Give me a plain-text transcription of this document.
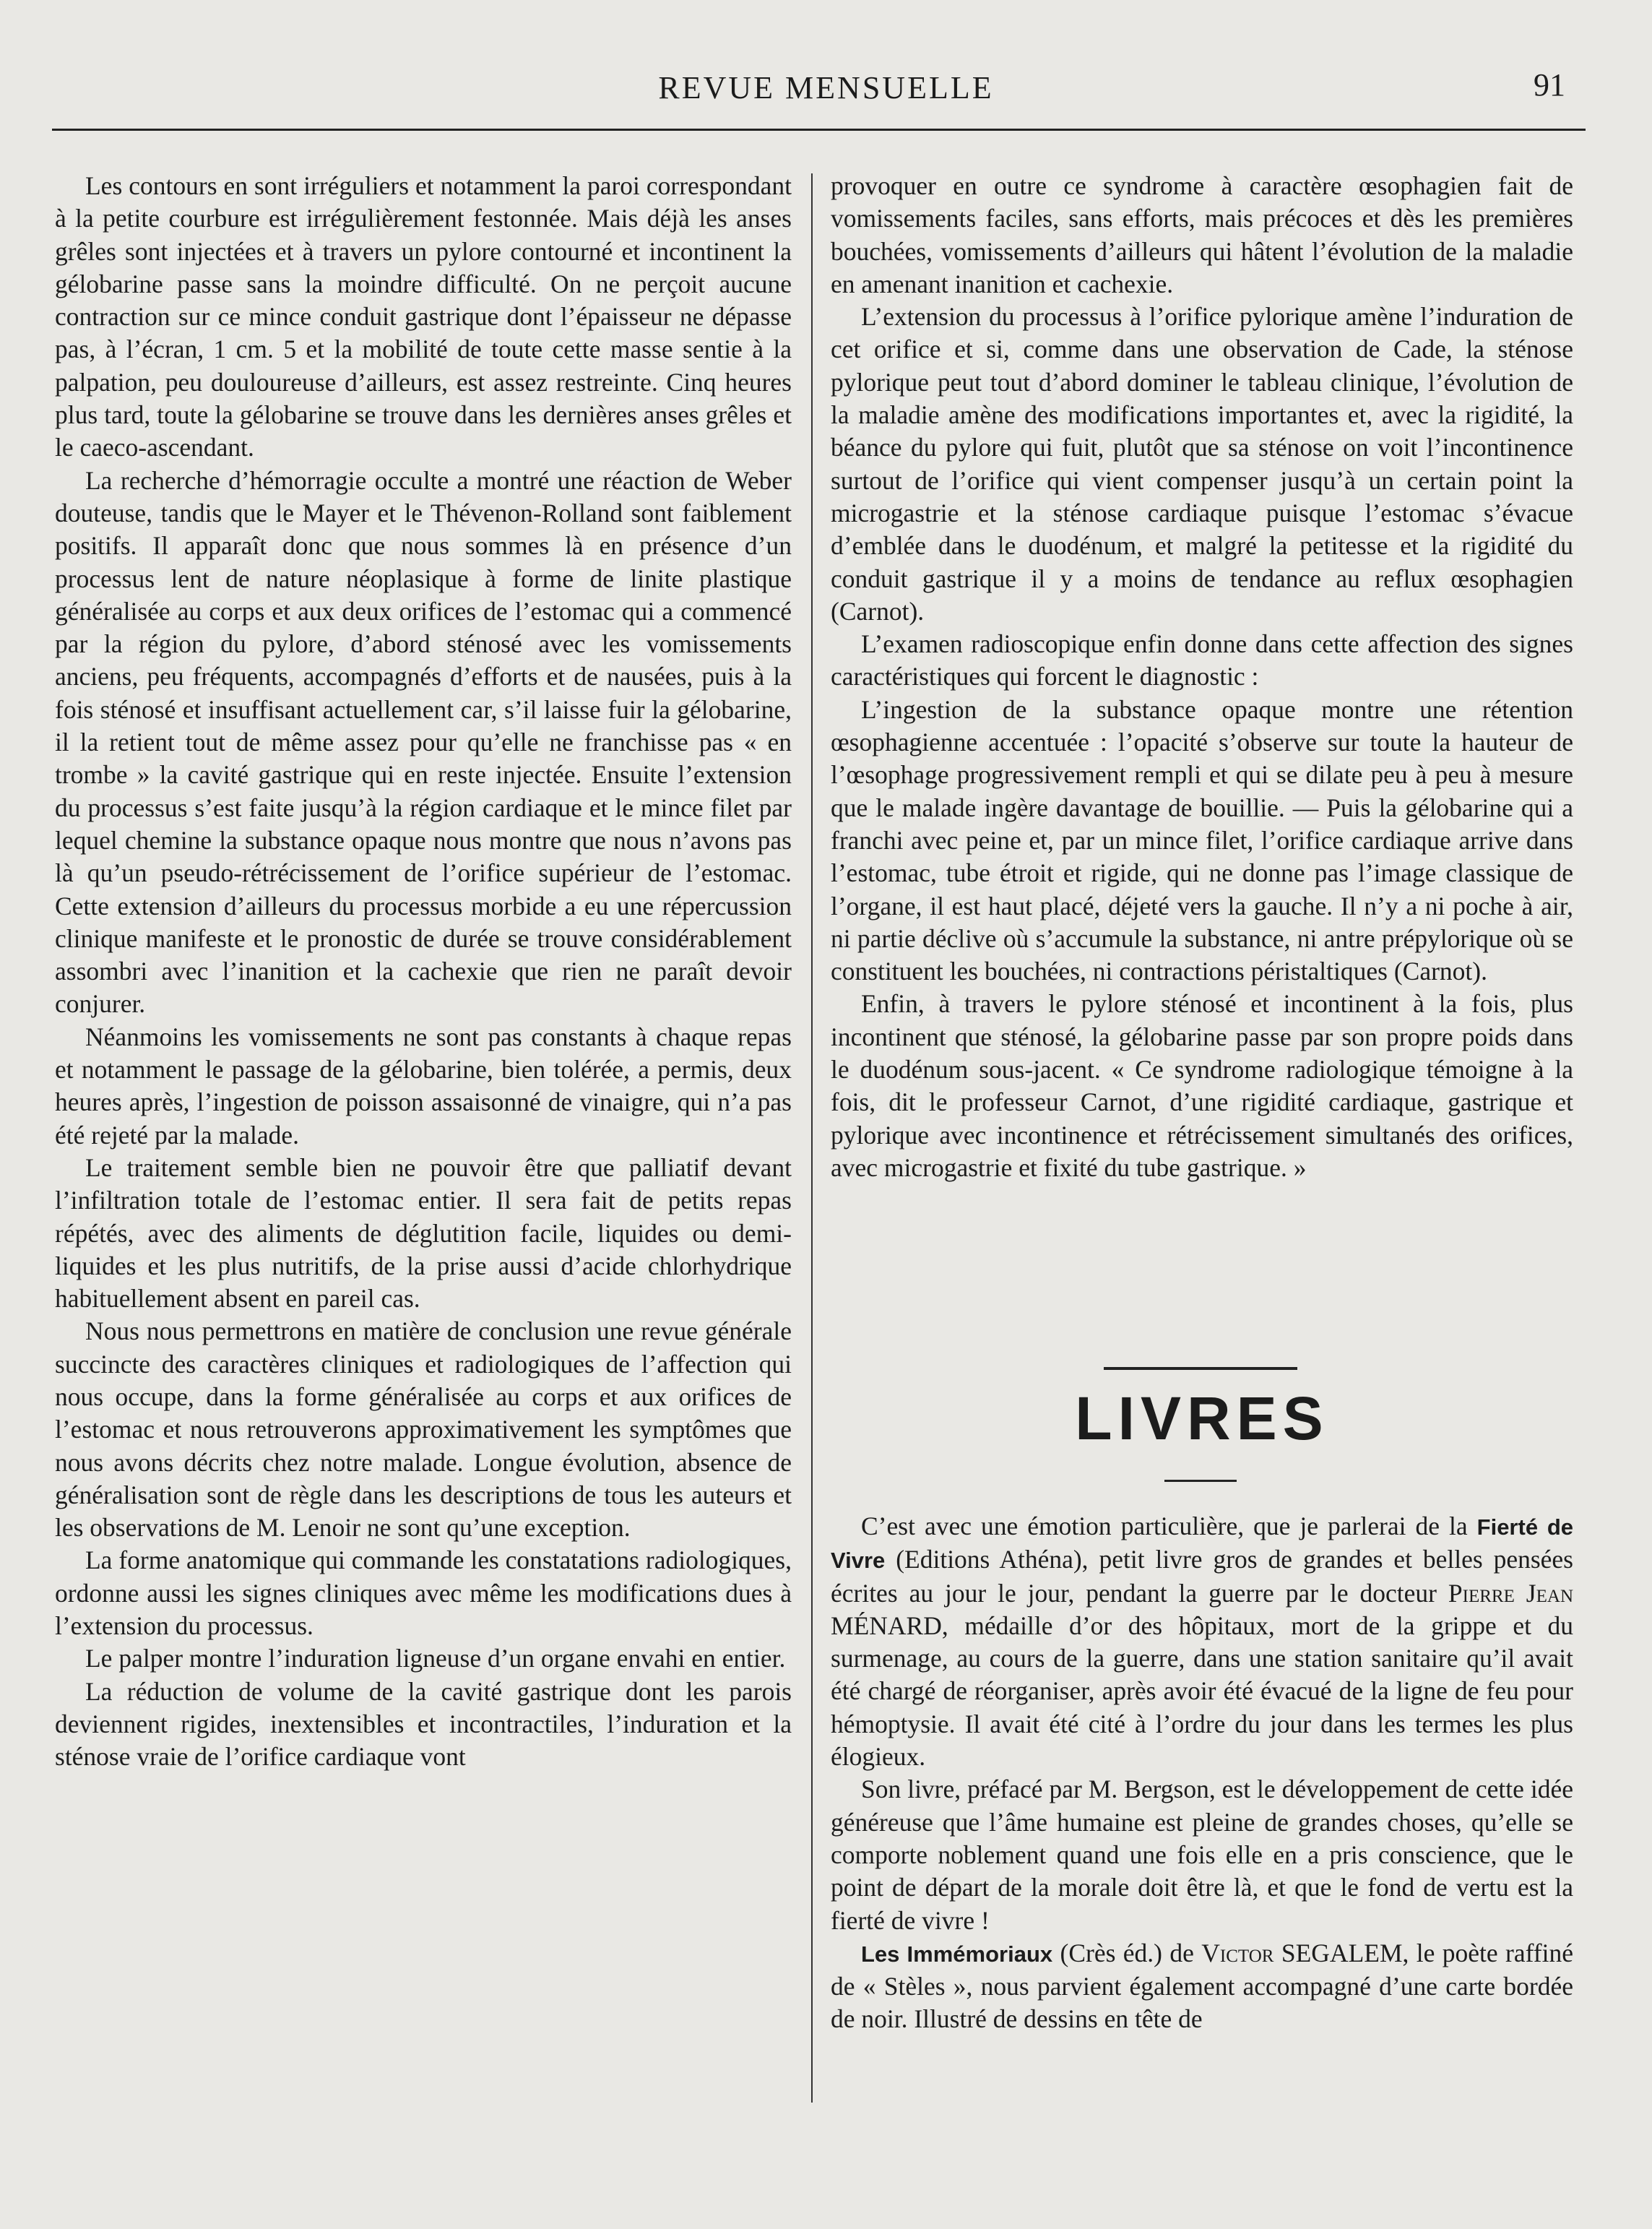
REVUE MENSUELLE	91

Les contours en sont irréguliers et notamment la paroi correspondant à la petite courbure est irrégulièrement festonnée. Mais déjà les anses grêles sont injectées et à travers un pylore contourné et incontinent la gélobarine passe sans la moindre difficulté. On ne perçoit aucune contraction sur ce mince conduit gastrique dont l’épaisseur ne dépasse pas, à l’écran, 1 cm. 5 et la mobilité de toute cette masse sentie à la palpation, peu douloureuse d’ailleurs, est assez restreinte. Cinq heures plus tard, toute la gélobarine se trouve dans les dernières anses grêles et le caeco-ascendant.

La recherche d’hémorragie occulte a montré une réaction de Weber douteuse, tandis que le Mayer et le Thévenon-Rolland sont faiblement positifs. Il apparaît donc que nous sommes là en présence d’un processus lent de nature néoplasique à forme de linite plastique généralisée au corps et aux deux orifices de l’estomac qui a commencé par la région du pylore, d’abord sténosé avec les vomissements anciens, peu fréquents, accompagnés d’efforts et de nausées, puis à la fois sténosé et insuffisant actuellement car, s’il laisse fuir la gélobarine, il la retient tout de même assez pour qu’elle ne franchisse pas « en trombe » la cavité gastrique qui en reste injectée. Ensuite l’extension du processus s’est faite jusqu’à la région cardiaque et le mince filet par lequel chemine la substance opaque nous montre que nous n’avons pas là qu’un pseudo-rétrécissement de l’orifice supérieur de l’estomac. Cette extension d’ailleurs du processus morbide a eu une répercussion clinique manifeste et le pronostic de durée se trouve considérablement assombri avec l’inanition et la cachexie que rien ne paraît devoir conjurer.

Néanmoins les vomissements ne sont pas constants à chaque repas et notamment le passage de la gélobarine, bien tolérée, a permis, deux heures après, l’ingestion de poisson assaisonné de vinaigre, qui n’a pas été rejeté par la malade.

Le traitement semble bien ne pouvoir être que palliatif devant l’infiltration totale de l’estomac entier. Il sera fait de petits repas répétés, avec des aliments de déglutition facile, liquides ou demi-liquides et les plus nutritifs, de la prise aussi d’acide chlorhydrique habituellement absent en pareil cas.

Nous nous permettrons en matière de conclusion une revue générale succincte des caractères cliniques et radiologiques de l’affection qui nous occupe, dans la forme généralisée au corps et aux orifices de l’estomac et nous retrouverons approximativement les symptômes que nous avons décrits chez notre malade. Longue évolution, absence de généralisation sont de règle dans les descriptions de tous les auteurs et les observations de M. Lenoir ne sont qu’une exception.

La forme anatomique qui commande les constatations radiologiques, ordonne aussi les signes cliniques avec même les modifications dues à l’extension du processus.

Le palper montre l’induration ligneuse d’un organe envahi en entier.

La réduction de volume de la cavité gastrique dont les parois deviennent rigides, inextensibles et incontractiles, l’induration et la sténose vraie de l’orifice cardiaque vont

provoquer en outre ce syndrome à caractère œsophagien fait de vomissements faciles, sans efforts, mais précoces et dès les premières bouchées, vomissements d’ailleurs qui hâtent l’évolution de la maladie en amenant inanition et cachexie.

L’extension du processus à l’orifice pylorique amène l’induration de cet orifice et si, comme dans une observation de Cade, la sténose pylorique peut tout d’abord dominer le tableau clinique, l’évolution de la maladie amène des modifications importantes et, avec la rigidité, la béance du pylore qui fuit, plutôt que sa sténose on voit l’incontinence surtout de l’orifice qui vient compenser jusqu’à un certain point la microgastrie et la sténose cardiaque puisque l’estomac s’évacue d’emblée dans le duodénum, et malgré la petitesse et la rigidité du conduit gastrique il y a moins de tendance au reflux œsophagien (Carnot).

L’examen radioscopique enfin donne dans cette affection des signes caractéristiques qui forcent le diagnostic :

L’ingestion de la substance opaque montre une rétention œsophagienne accentuée : l’opacité s’observe sur toute la hauteur de l’œsophage progressivement rempli et qui se dilate peu à peu à mesure que le malade ingère davantage de bouillie. — Puis la gélobarine qui a franchi avec peine et, par un mince filet, l’orifice cardiaque arrive dans l’estomac, tube étroit et rigide, qui ne donne pas l’image classique de l’organe, il est haut placé, déjeté vers la gauche. Il n’y a ni poche à air, ni partie déclive où s’accumule la substance, ni antre prépylorique où se constituent les bouchées, ni contractions péristaltiques (Carnot).

Enfin, à travers le pylore sténosé et incontinent à la fois, plus incontinent que sténosé, la gélobarine passe par son propre poids dans le duodénum sous-jacent. « Ce syndrome radiologique témoigne à la fois, dit le professeur Carnot, d’une rigidité cardiaque, gastrique et pylorique avec incontinence et rétrécissement simultanés des orifices, avec microgastrie et fixité du tube gastrique. »

LIVRES

C’est avec une émotion particulière, que je parlerai de la Fierté de Vivre (Editions Athéna), petit livre gros de grandes et belles pensées écrites au jour le jour, pendant la guerre par le docteur Pierre Jean MÉNARD, médaille d’or des hôpitaux, mort de la grippe et du surmenage, au cours de la guerre, dans une station sanitaire qu’il avait été chargé de réorganiser, après avoir été évacué de la ligne de feu pour hémoptysie. Il avait été cité à l’ordre du jour dans les termes les plus élogieux.

Son livre, préfacé par M. Bergson, est le développement de cette idée généreuse que l’âme humaine est pleine de grandes choses, qu’elle se comporte noblement quand une fois elle en a pris conscience, que le point de départ de la morale doit être là, et que le fond de vertu est la fierté de vivre !

Les Immémoriaux (Crès éd.) de Victor SEGALEM, le poète raffiné de « Stèles », nous parvient également accompagné d’une carte bordée de noir. Illustré de dessins en tête de
